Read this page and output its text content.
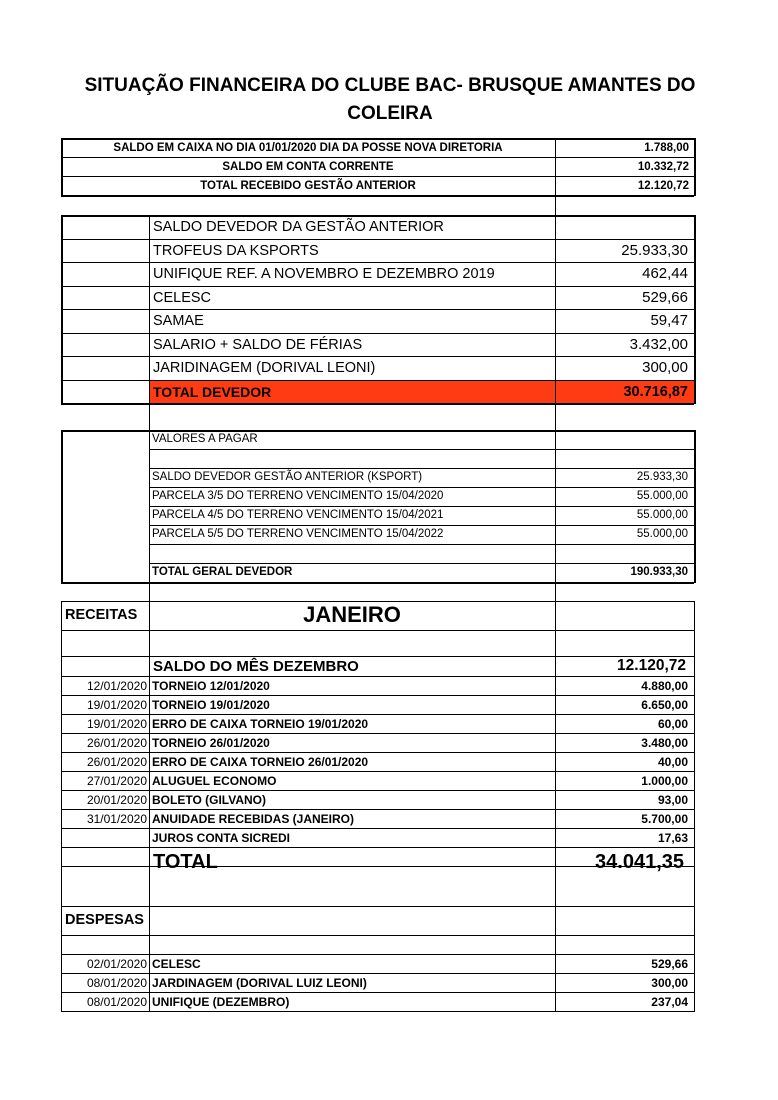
SITUAÇÃO FINANCEIRA DO CLUBE BAC- BRUSQUE AMANTES DO COLEIRA
SALDO EM CAIXA NO DIA 01/01/2020 DIA DA POSSE NOVA DIRETORIA	1.788,00
SALDO EM CONTA CORRENTE	10.332,72
TOTAL RECEBIDO GESTÃO ANTERIOR	12.120,72
SALDO DEVEDOR DA GESTÃO ANTERIOR
TROFEUS DA KSPORTS	25.933,30
UNIFIQUE REF. A NOVEMBRO E DEZEMBRO 2019	462,44
CELESC	529,66
SAMAE	59,47
SALARIO + SALDO DE FÉRIAS	3.432,00
JARIDINAGEM (DORIVAL LEONI)	300,00
TOTAL DEVEDOR	30.716,87
VALORES A PAGAR
SALDO DEVEDOR GESTÃO ANTERIOR (KSPORT)	25.933,30
PARCELA 3/5 DO TERRENO VENCIMENTO 15/04/2020	55.000,00
PARCELA 4/5 DO TERRENO VENCIMENTO 15/04/2021	55.000,00
PARCELA 5/5 DO TERRENO VENCIMENTO 15/04/2022	55.000,00
TOTAL GERAL DEVEDOR	190.933,30
RECEITAS	JANEIRO
SALDO DO MÊS DEZEMBRO	12.120,72
12/01/2020 TORNEIO 12/01/2020	4.880,00
19/01/2020 TORNEIO 19/01/2020	6.650,00
19/01/2020 ERRO DE CAIXA TORNEIO 19/01/2020	60,00
26/01/2020 TORNEIO 26/01/2020	3.480,00
26/01/2020 ERRO DE CAIXA TORNEIO 26/01/2020	40,00
27/01/2020 ALUGUEL ECONOMO	1.000,00
20/01/2020 BOLETO (GILVANO)	93,00
31/01/2020 ANUIDADE RECEBIDAS (JANEIRO)	5.700,00
JUROS CONTA SICREDI	17,63
TOTAL	34.041,35
DESPESAS
02/01/2020 CELESC	529,66
08/01/2020 JARDINAGEM (DORIVAL LUIZ LEONI)	300,00
08/01/2020 UNIFIQUE (DEZEMBRO)	237,04
